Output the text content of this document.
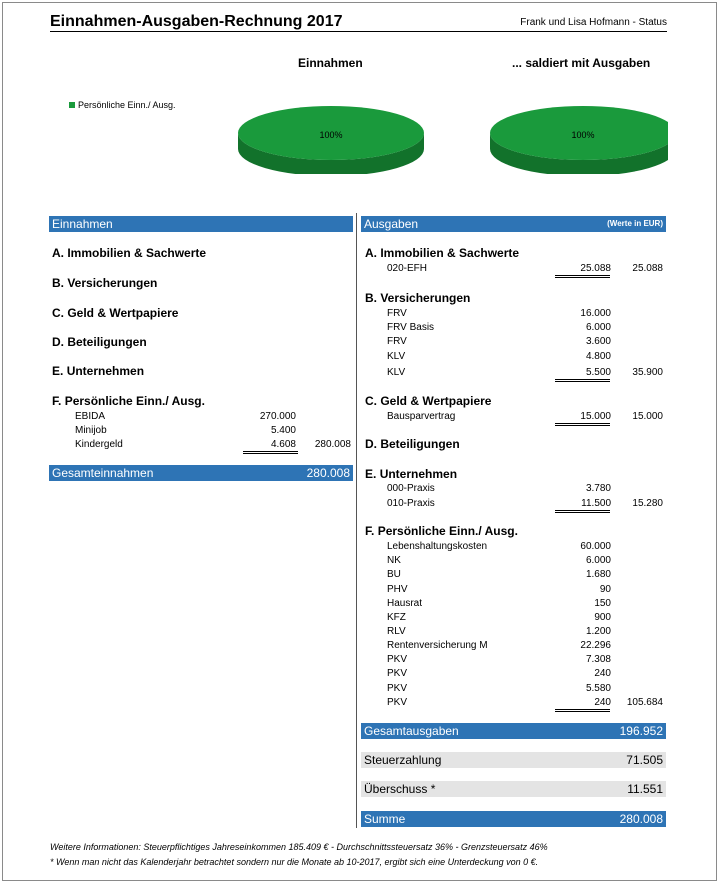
Einnahmen-Ausgaben-Rechnung 2017	Frank und Lisa Hofmann - Status
Einnahmen	... saldiert mit Ausgaben
Persönliche Einn./ Ausg.
100%	100%
Einnahmen	Ausgaben	(Werte in EUR)
A. Immobilien & Sachwerte
B. Versicherungen
C. Geld & Wertpapiere
D. Beteiligungen
E. Unternehmen
F. Persönliche Einn./ Ausg.
EBIDA	270.000
Minijob	5.400
Kindergeld	4.608 280.008
Gesamteinnahmen	280.008
A. Immobilien & Sachwerte
020-EFH	25.088 25.088
B. Versicherungen
FRV	16.000
FRV Basis	6.000
FRV	3.600
KLV	4.800
KLV	5.500 35.900
C. Geld & Wertpapiere
Bausparvertrag	15.000 15.000
D. Beteiligungen
E. Unternehmen
000-Praxis	3.780
010-Praxis	11.500 15.280
F. Persönliche Einn./ Ausg.
Lebenshaltungskosten	60.000
NK	6.000
BU	1.680
PHV	90
Hausrat	150
KFZ	900
RLV	1.200
Rentenversicherung M	22.296
PKV	7.308
PKV	240
PKV	5.580
PKV	240 105.684
Gesamtausgaben	196.952
Steuerzahlung	71.505
Überschuss *	11.551
Summe	280.008
Weitere Informationen: Steuerpflichtiges Jahreseinkommen 185.409 € - Durchschnittssteuersatz 36% - Grenzsteuersatz 46%
* Wenn man nicht das Kalenderjahr betrachtet sondern nur die Monate ab 10-2017, ergibt sich eine Unterdeckung von 0 €.
